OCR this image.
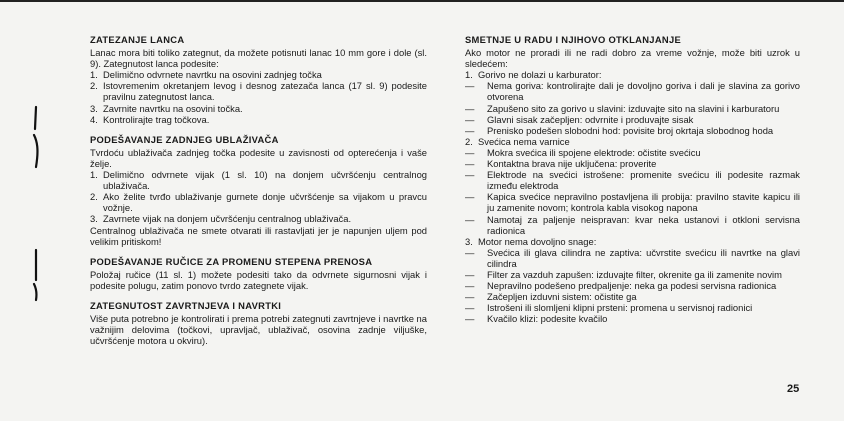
ZATEZANJE LANCA

Lanac mora biti toliko zategnut, da možete potisnuti lanac 10 mm gore i dole (sl. 9). Zategnutost lanca podesite:

1. Delimično odvrnete navrtku na osovini zadnjeg točka
2. Istovremenim okretanjem levog i desnog zatezača lanca (17 sl. 9) podesite pravilnu zategnutost lanca.
3. Zavrnite navrtku na osovini točka.
4. Kontrolirajte trag točkova.
PODEŠAVANJE ZADNJEG UBLAŽIVAČA

Tvrdoću ublaživača zadnjeg točka podesite u zavisnosti od opterećenja i vaše želje.

1. Delimično odvrnete vijak (1 sl. 10) na donjem učvršćenju centralnog ublaživača.
2. Ako želite tvrđo ublaživanje gurnete donje učvršćenje sa vijakom u pravcu vožnje.
3. Zavrnete vijak na donjem učvršćenju centralnog ublaživača.

Centralnog ublaživača ne smete otvarati ili rastavljati jer je napunjen uljem pod velikim pritiskom!

PODEŠAVANJE RUČICE ZA PROMENU STEPENA PRENOSA

Položaj ručice (11 sl. 1) možete podesiti tako da odvrnete sigurnosni vijak i podesite polugu, zatim ponovo tvrdo zategnete vijak.

ZATEGNUTOST ZAVRTNJEVA I NAVRTKI

Više puta potrebno je kontrolirati i prema potrebi zategnuti zavrtnjeve i navrtke na važnijim delovima (točkovi, upravljač, ublaživač, osovina zadnje viljuške, učvršćenje motora u okviru).

SMETNJE U RADU I NJIHOVO OTKLANJANJE

Ako motor ne proradi ili ne radi dobro za vreme vožnje, može biti uzrok u sledećem:

1. Gorivo ne dolazi u karburator:
—	Nema goriva: kontrolirajte dali je dovoljno goriva i dali je slavina za gorivo otvorena
—	Zapušeno sito za gorivo u slavini: izduvajte sito na slavini i karburatoru
—	Glavni sisak začepljen: odvrnite i produvajte sisak
—	Prenisko podešen slobodni hod: povisite broj okrtaja slobodnog hoda
2. Svećica nema varnice
—	Mokra svećica ili spojene elektrode: očistite svećicu
—	Kontaktna brava nije uključena: proverite
—	Elektrode na svećici istrošene: promenite svećicu ili podesite razmak između elektroda
—	Kapica svećice nepravilno postavljena ili probija: pravilno stavite kapicu ili ju zamenite novom; kontrola kabla visokog napona
—	Namotaj za paljenje neispravan: kvar neka ustanovi i otkloni servisna radionica
3. Motor nema dovoljno snage:
—	Svećica ili glava cilindra ne zaptiva: učvrstite svećicu ili navrtke na glavi cilindra
—	Filter za vazduh zapušen: izduvajte filter, okrenite ga ili zamenite novim
—	Nepravilno podešeno predpaljenje: neka ga podesi servisna radionica
—	Začepljen izduvni sistem: očistite ga
—	Istrošeni ili slomljeni klipni prsteni: promena u servisnoj radionici
—	Kvačilo klizi: podesite kvačilo
25
